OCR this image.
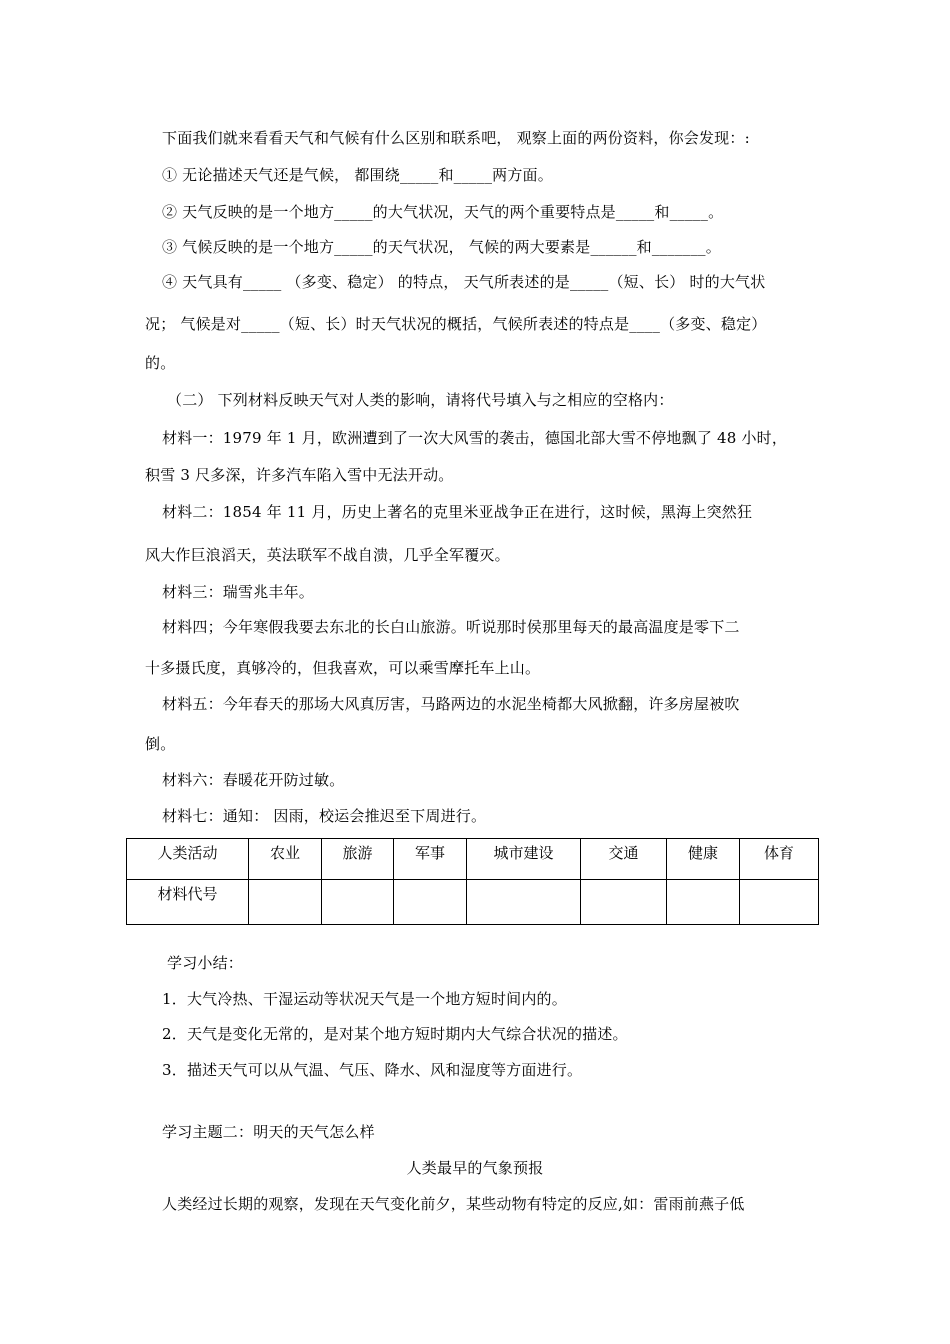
下面我们就来看看天气和气候有什么区别和联系吧， 观察上面的两份资料，你会发现：:
① 无论描述天气还是气候， 都围绕_____和_____两方面。
② 天气反映的是一个地方_____的大气状况，天气的两个重要特点是_____和_____。
③ 气候反映的是一个地方_____的天气状况， 气候的两大要素是______和_______。
④ 天气具有_____ （多变、稳定） 的特点， 天气所表述的是_____（短、长） 时的大气状
况； 气候是对_____（短、长）时天气状况的概括，气候所表述的特点是____（多变、稳定）
的。
（二） 下列材料反映天气对人类的影响，请将代号填入与之相应的空格内：
材料一：1979 年 1 月，欧洲遭到了一次大风雪的袭击，德国北部大雪不停地飘了 48 小时，
积雪 3 尺多深，许多汽车陷入雪中无法开动。
材料二：1854 年 11 月，历史上著名的克里米亚战争正在进行，这时候，黑海上突然狂
风大作巨浪滔天，英法联军不战自溃，几乎全军覆灭。
材料三：瑞雪兆丰年。
材料四；今年寒假我要去东北的长白山旅游。听说那时侯那里每天的最高温度是零下二
十多摄氏度，真够冷的，但我喜欢，可以乘雪摩托车上山。
材料五：今年春天的那场大风真厉害，马路两边的水泥坐椅都大风掀翻，许多房屋被吹
倒。
材料六：春暖花开防过敏。
材料七：通知： 因雨，校运会推迟至下周进行。
人类活动	农业	旅游	军事	城市建设	交通	健康	体育
材料代号							
学习小结：
1．大气冷热、干湿运动等状况天气是一个地方短时间内的。
2．天气是变化无常的，是对某个地方短时期内大气综合状况的描述。
3．描述天气可以从气温、气压、降水、风和湿度等方面进行。
学习主题二：明天的天气怎么样
人类最早的气象预报
人类经过长期的观察，发现在天气变化前夕，某些动物有特定的反应,如：雷雨前燕子低
